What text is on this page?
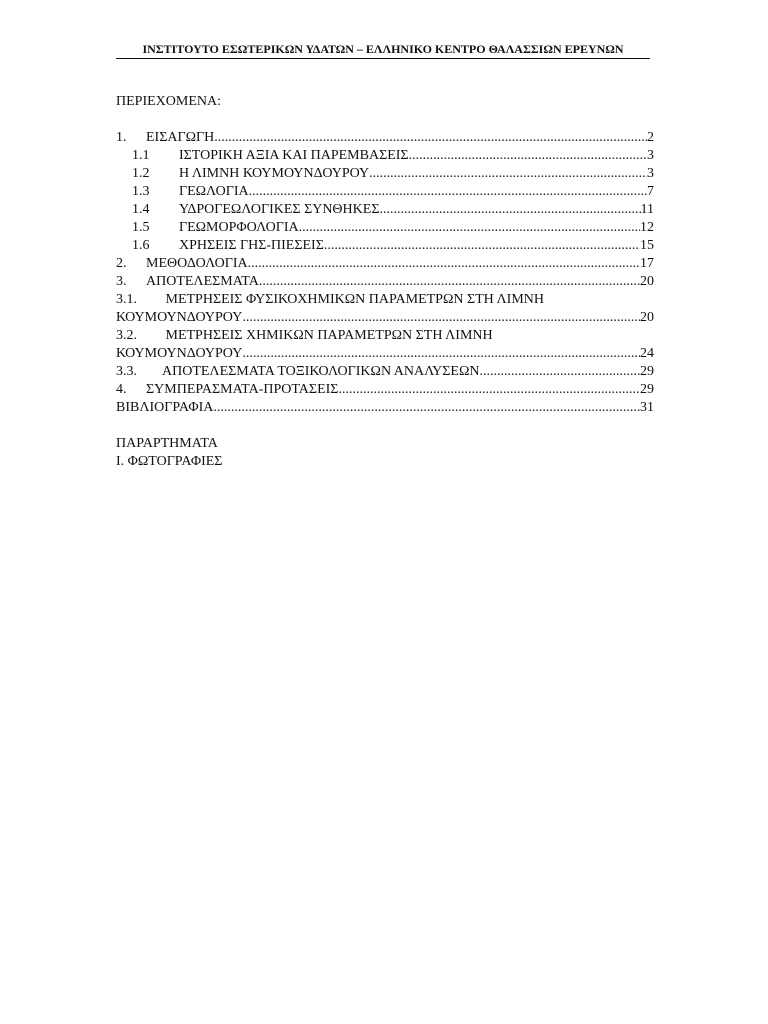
ΙΝΣΤΙΤΟΥΤΟ ΕΣΩΤΕΡΙΚΩΝ ΥΔΑΤΩΝ – ΕΛΛΗΝΙΚΟ ΚΕΝΤΡΟ ΘΑΛΑΣΣΙΩΝ ΕΡΕΥΝΩΝ
ΠΕΡΙΕΧΟΜΕΝΑ:
1.	ΕΙΣΑΓΩΓΗ .....	2
1.1	ΙΣΤΟΡΙΚΗ ΑΞΙΑ ΚΑΙ ΠΑΡΕΜΒΑΣΕΙΣ .....	3
1.2	Η ΛΙΜΝΗ ΚΟΥΜΟΥΝΔΟΥΡΟΥ .....	3
1.3	ΓΕΩΛΟΓΙΑ .....	7
1.4	ΥΔΡΟΓΕΩΛΟΓΙΚΕΣ ΣΥΝΘΗΚΕΣ .....	11
1.5	ΓΕΩΜΟΡΦΟΛΟΓΙΑ .....	12
1.6	ΧΡΗΣΕΙΣ ΓΗΣ-ΠΙΕΣΕΙΣ .....	15
2.	ΜΕΘΟΔΟΛΟΓΙΑ .....	17
3.	ΑΠΟΤΕΛΕΣΜΑΤΑ .....	20
3.1. ΜΕΤΡΗΣΕΙΣ ΦΥΣΙΚΟΧΗΜΙΚΩΝ ΠΑΡΑΜΕΤΡΩΝ ΣΤΗ ΛΙΜΝΗ
ΚΟΥΜΟΥΝΔΟΥΡΟΥ .....	20
3.2. ΜΕΤΡΗΣΕΙΣ ΧΗΜΙΚΩΝ ΠΑΡΑΜΕΤΡΩΝ ΣΤΗ ΛΙΜΝΗ
ΚΟΥΜΟΥΝΔΟΥΡΟΥ .....	24
3.3.	ΑΠΟΤΕΛΕΣΜΑΤΑ ΤΟΞΙΚΟΛΟΓΙΚΩΝ ΑΝΑΛΥΣΕΩΝ .....	29
4.	ΣΥΜΠΕΡΑΣΜΑΤΑ-ΠΡΟΤΑΣΕΙΣ .....	29
ΒΙΒΛΙΟΓΡΑΦΙΑ .....	31
ΠΑΡΑΡΤΗΜΑΤΑ
Ι. ΦΩΤΟΓΡΑΦΙΕΣ
